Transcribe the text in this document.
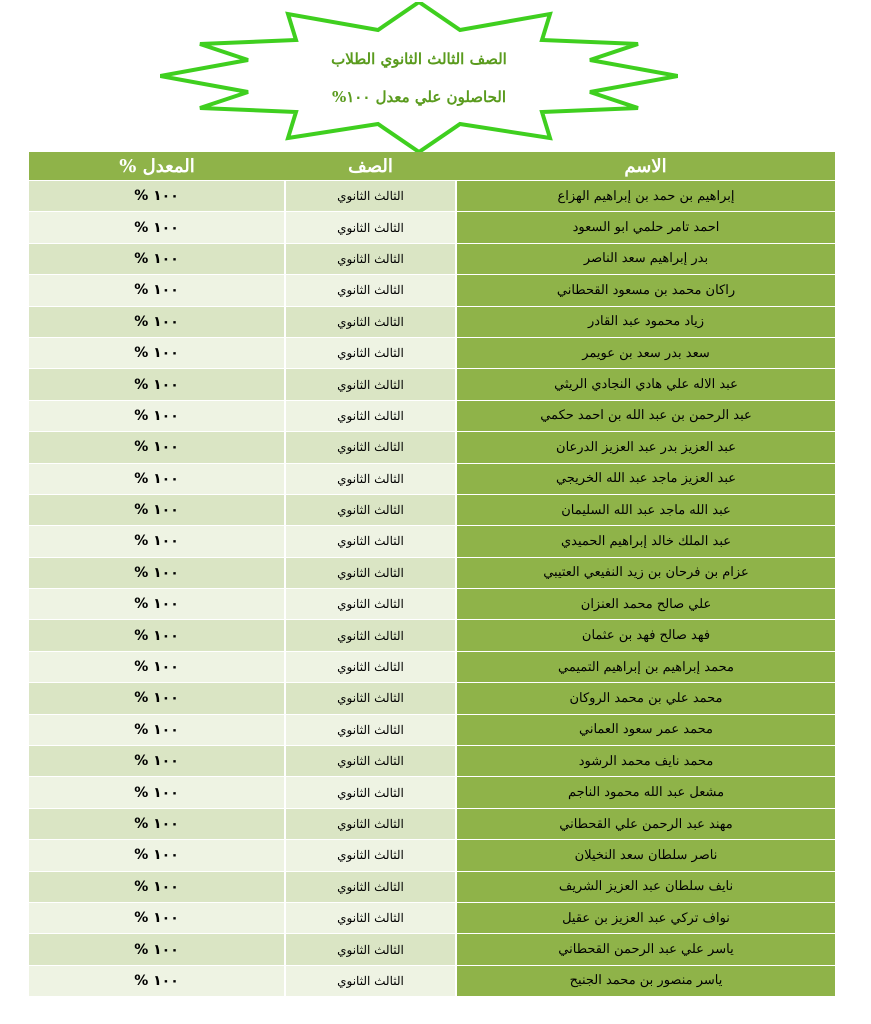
الصف الثالث الثانوي الطلاب
الحاصلون علي معدل ١٠٠%
الاسم	الصف	المعدل %
إبراهيم بن حمد بن إبراهيم الهزاع	الثالث الثانوي	١٠٠ %
احمد تامر حلمي ابو السعود	الثالث الثانوي	١٠٠ %
بدر إبراهيم سعد الناصر	الثالث الثانوي	١٠٠ %
راكان محمد بن مسعود القحطاني	الثالث الثانوي	١٠٠ %
زياد محمود عبد القادر	الثالث الثانوي	١٠٠ %
سعد بدر سعد بن عويمر	الثالث الثانوي	١٠٠ %
عبد الاله علي هادي النجادي الريثي	الثالث الثانوي	١٠٠ %
عبد الرحمن بن عبد الله بن احمد حكمي	الثالث الثانوي	١٠٠ %
عبد العزيز بدر عبد العزيز الدرعان	الثالث الثانوي	١٠٠ %
عبد العزيز ماجد عبد الله الخريجي	الثالث الثانوي	١٠٠ %
عبد الله ماجد عبد الله السليمان	الثالث الثانوي	١٠٠ %
عبد الملك خالد إبراهيم الحميدي	الثالث الثانوي	١٠٠ %
عزام بن فرحان بن زيد النفيعي العتيبي	الثالث الثانوي	١٠٠ %
علي صالح محمد العنزان	الثالث الثانوي	١٠٠ %
فهد صالح فهد بن عثمان	الثالث الثانوي	١٠٠ %
محمد إبراهيم بن إبراهيم التميمي	الثالث الثانوي	١٠٠ %
محمد علي بن محمد الروكان	الثالث الثانوي	١٠٠ %
محمد عمر سعود العماني	الثالث الثانوي	١٠٠ %
محمد نايف محمد الرشود	الثالث الثانوي	١٠٠ %
مشعل عبد الله محمود الناجم	الثالث الثانوي	١٠٠ %
مهند عبد الرحمن علي القحطاني	الثالث الثانوي	١٠٠ %
ناصر سلطان سعد النخيلان	الثالث الثانوي	١٠٠ %
نايف سلطان عبد العزيز الشريف	الثالث الثانوي	١٠٠ %
نواف تركي عبد العزيز بن عقيل	الثالث الثانوي	١٠٠ %
ياسر علي عبد الرحمن القحطاني	الثالث الثانوي	١٠٠ %
ياسر منصور بن محمد الجنيح	الثالث الثانوي	١٠٠ %
